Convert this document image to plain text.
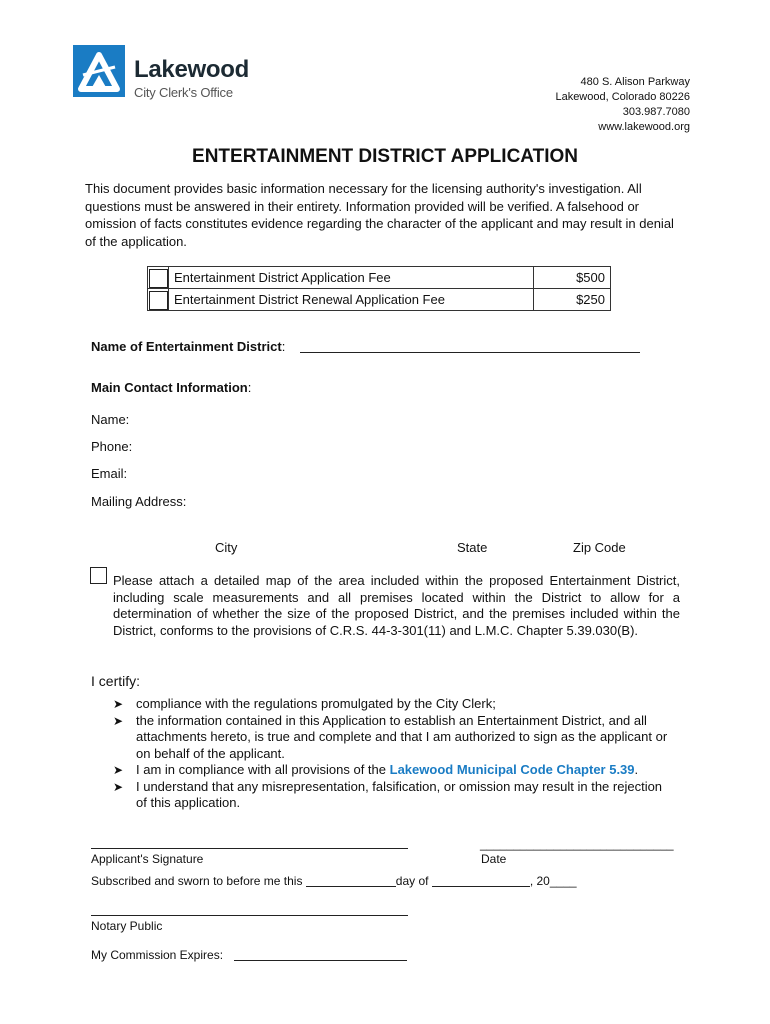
Lakewood
City Clerk's Office
480 S. Alison Parkway
Lakewood, Colorado 80226
303.987.7080
www.lakewood.org
ENTERTAINMENT DISTRICT APPLICATION
This document provides basic information necessary for the licensing authority's investigation. All questions must be answered in their entirety. Information provided will be verified. A falsehood or omission of facts constitutes evidence regarding the character of the applicant and may result in denial of the application.
	Entertainment District Application Fee	$500

	Entertainment District Renewal Application Fee	$250
Name of Entertainment District:
Main Contact Information:
Name:
Phone:
Email:
Mailing Address:
City	State	Zip Code
Please attach a detailed map of the area included within the proposed Entertainment District, including scale measurements and all premises located within the District to allow for a determination of whether the size of the proposed District, and the premises included within the District, conforms to the provisions of C.R.S. 44-3-301(11) and L.M.C. Chapter 5.39.030(B).
I certify:
➤ compliance with the regulations promulgated by the City Clerk;
➤ the information contained in this Application to establish an Entertainment District, and all attachments hereto, is true and complete and that I am authorized to sign as the applicant or on behalf of the applicant.
➤ I am in compliance with all provisions of the Lakewood Municipal Code Chapter 5.39.
➤ I understand that any misrepresentation, falsification, or omission may result in the rejection of this application.
Applicant's Signature
_____________________________
Date
Subscribed and sworn to before me this	day of	, 20____
Notary Public
My Commission Expires:
